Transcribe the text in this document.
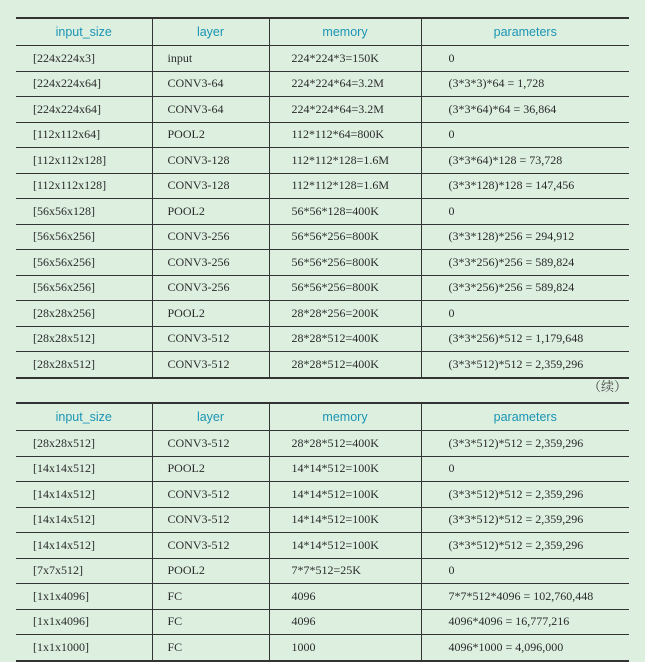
input_size	layer	memory	parameters
[224x224x3]	input	224*224*3=150K	0
[224x224x64]	CONV3-64	224*224*64=3.2M	(3*3*3)*64 = 1,728
[224x224x64]	CONV3-64	224*224*64=3.2M	(3*3*64)*64 = 36,864
[112x112x64]	POOL2	112*112*64=800K	0
[112x112x128]	CONV3-128	112*112*128=1.6M	(3*3*64)*128 = 73,728
[112x112x128]	CONV3-128	112*112*128=1.6M	(3*3*128)*128 = 147,456
[56x56x128]	POOL2	56*56*128=400K	0
[56x56x256]	CONV3-256	56*56*256=800K	(3*3*128)*256 = 294,912
[56x56x256]	CONV3-256	56*56*256=800K	(3*3*256)*256 = 589,824
[56x56x256]	CONV3-256	56*56*256=800K	(3*3*256)*256 = 589,824
[28x28x256]	POOL2	28*28*256=200K	0
[28x28x512]	CONV3-512	28*28*512=400K	(3*3*256)*512 = 1,179,648
[28x28x512]	CONV3-512	28*28*512=400K	(3*3*512)*512 = 2,359,296
（续）
input_size	layer	memory	parameters
[28x28x512]	CONV3-512	28*28*512=400K	(3*3*512)*512 = 2,359,296
[14x14x512]	POOL2	14*14*512=100K	0
[14x14x512]	CONV3-512	14*14*512=100K	(3*3*512)*512 = 2,359,296
[14x14x512]	CONV3-512	14*14*512=100K	(3*3*512)*512 = 2,359,296
[14x14x512]	CONV3-512	14*14*512=100K	(3*3*512)*512 = 2,359,296
[7x7x512]	POOL2	7*7*512=25K	0
[1x1x4096]	FC	4096	7*7*512*4096 = 102,760,448
[1x1x4096]	FC	4096	4096*4096 = 16,777,216
[1x1x1000]	FC	1000	4096*1000 = 4,096,000
